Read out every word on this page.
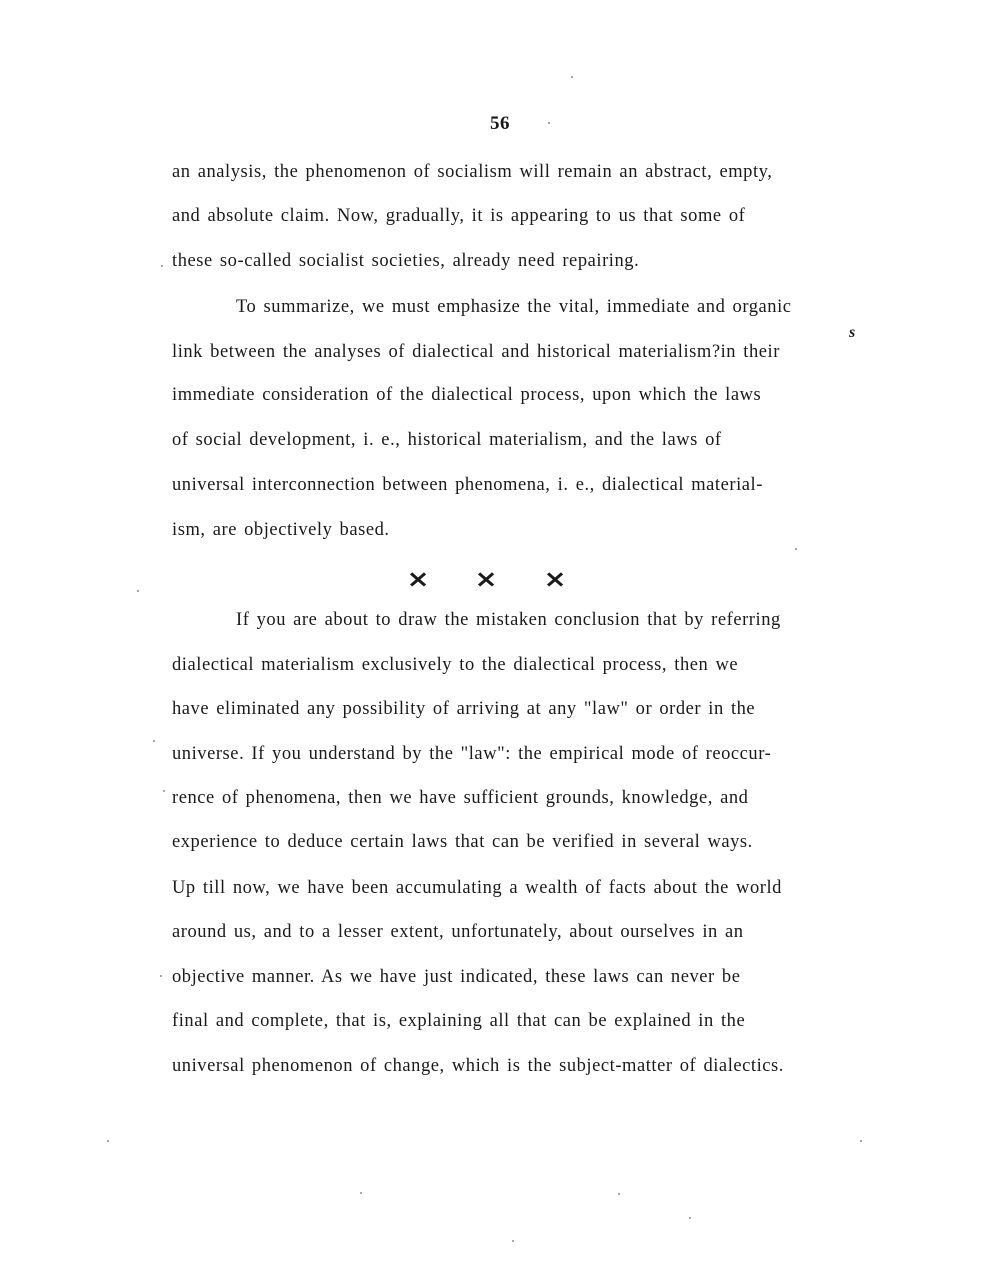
56
an analysis, the phenomenon of socialism will remain an abstract, empty,
and absolute claim. Now, gradually, it is appearing to us that some of
these so-called socialist societies, already need repairing.
s
To summarize, we must emphasize the vital, immediate and organic
link between the analyses of dialectical and historical materialism?in their
immediate consideration of the dialectical process, upon which the laws
of social development, i. e., historical materialism, and the laws of
universal interconnection between phenomena, i. e., dialectical material-
ism, are objectively based.
× × ×
If you are about to draw the mistaken conclusion that by referring
dialectical materialism exclusively to the dialectical process, then we
have eliminated any possibility of arriving at any "law" or order in the
universe. If you understand by the "law": the empirical mode of reoccur-
rence of phenomena, then we have sufficient grounds, knowledge, and
experience to deduce certain laws that can be verified in several ways.
Up till now, we have been accumulating a wealth of facts about the world
around us, and to a lesser extent, unfortunately, about ourselves in an
objective manner. As we have just indicated, these laws can never be
final and complete, that is, explaining all that can be explained in the
universal phenomenon of change, which is the subject-matter of dialectics.
